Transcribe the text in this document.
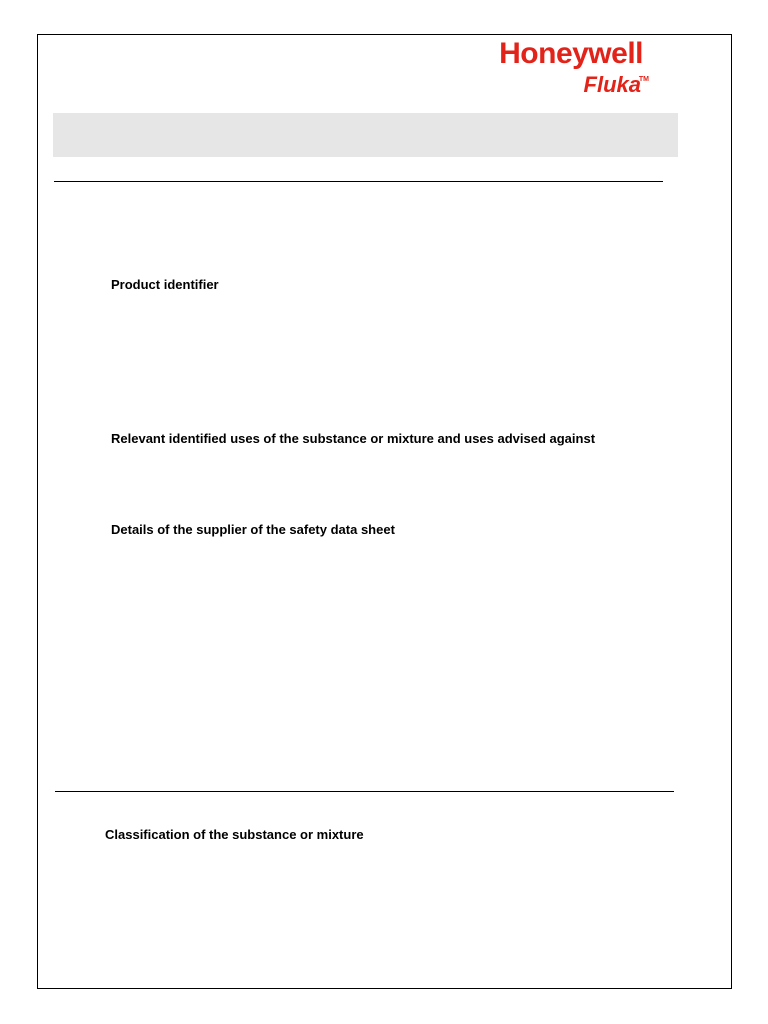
Honeywell
Fluka
TM
Product identifier
Relevant identified uses of the substance or mixture and uses advised against
Details of the supplier of the safety data sheet
Classification of the substance or mixture
